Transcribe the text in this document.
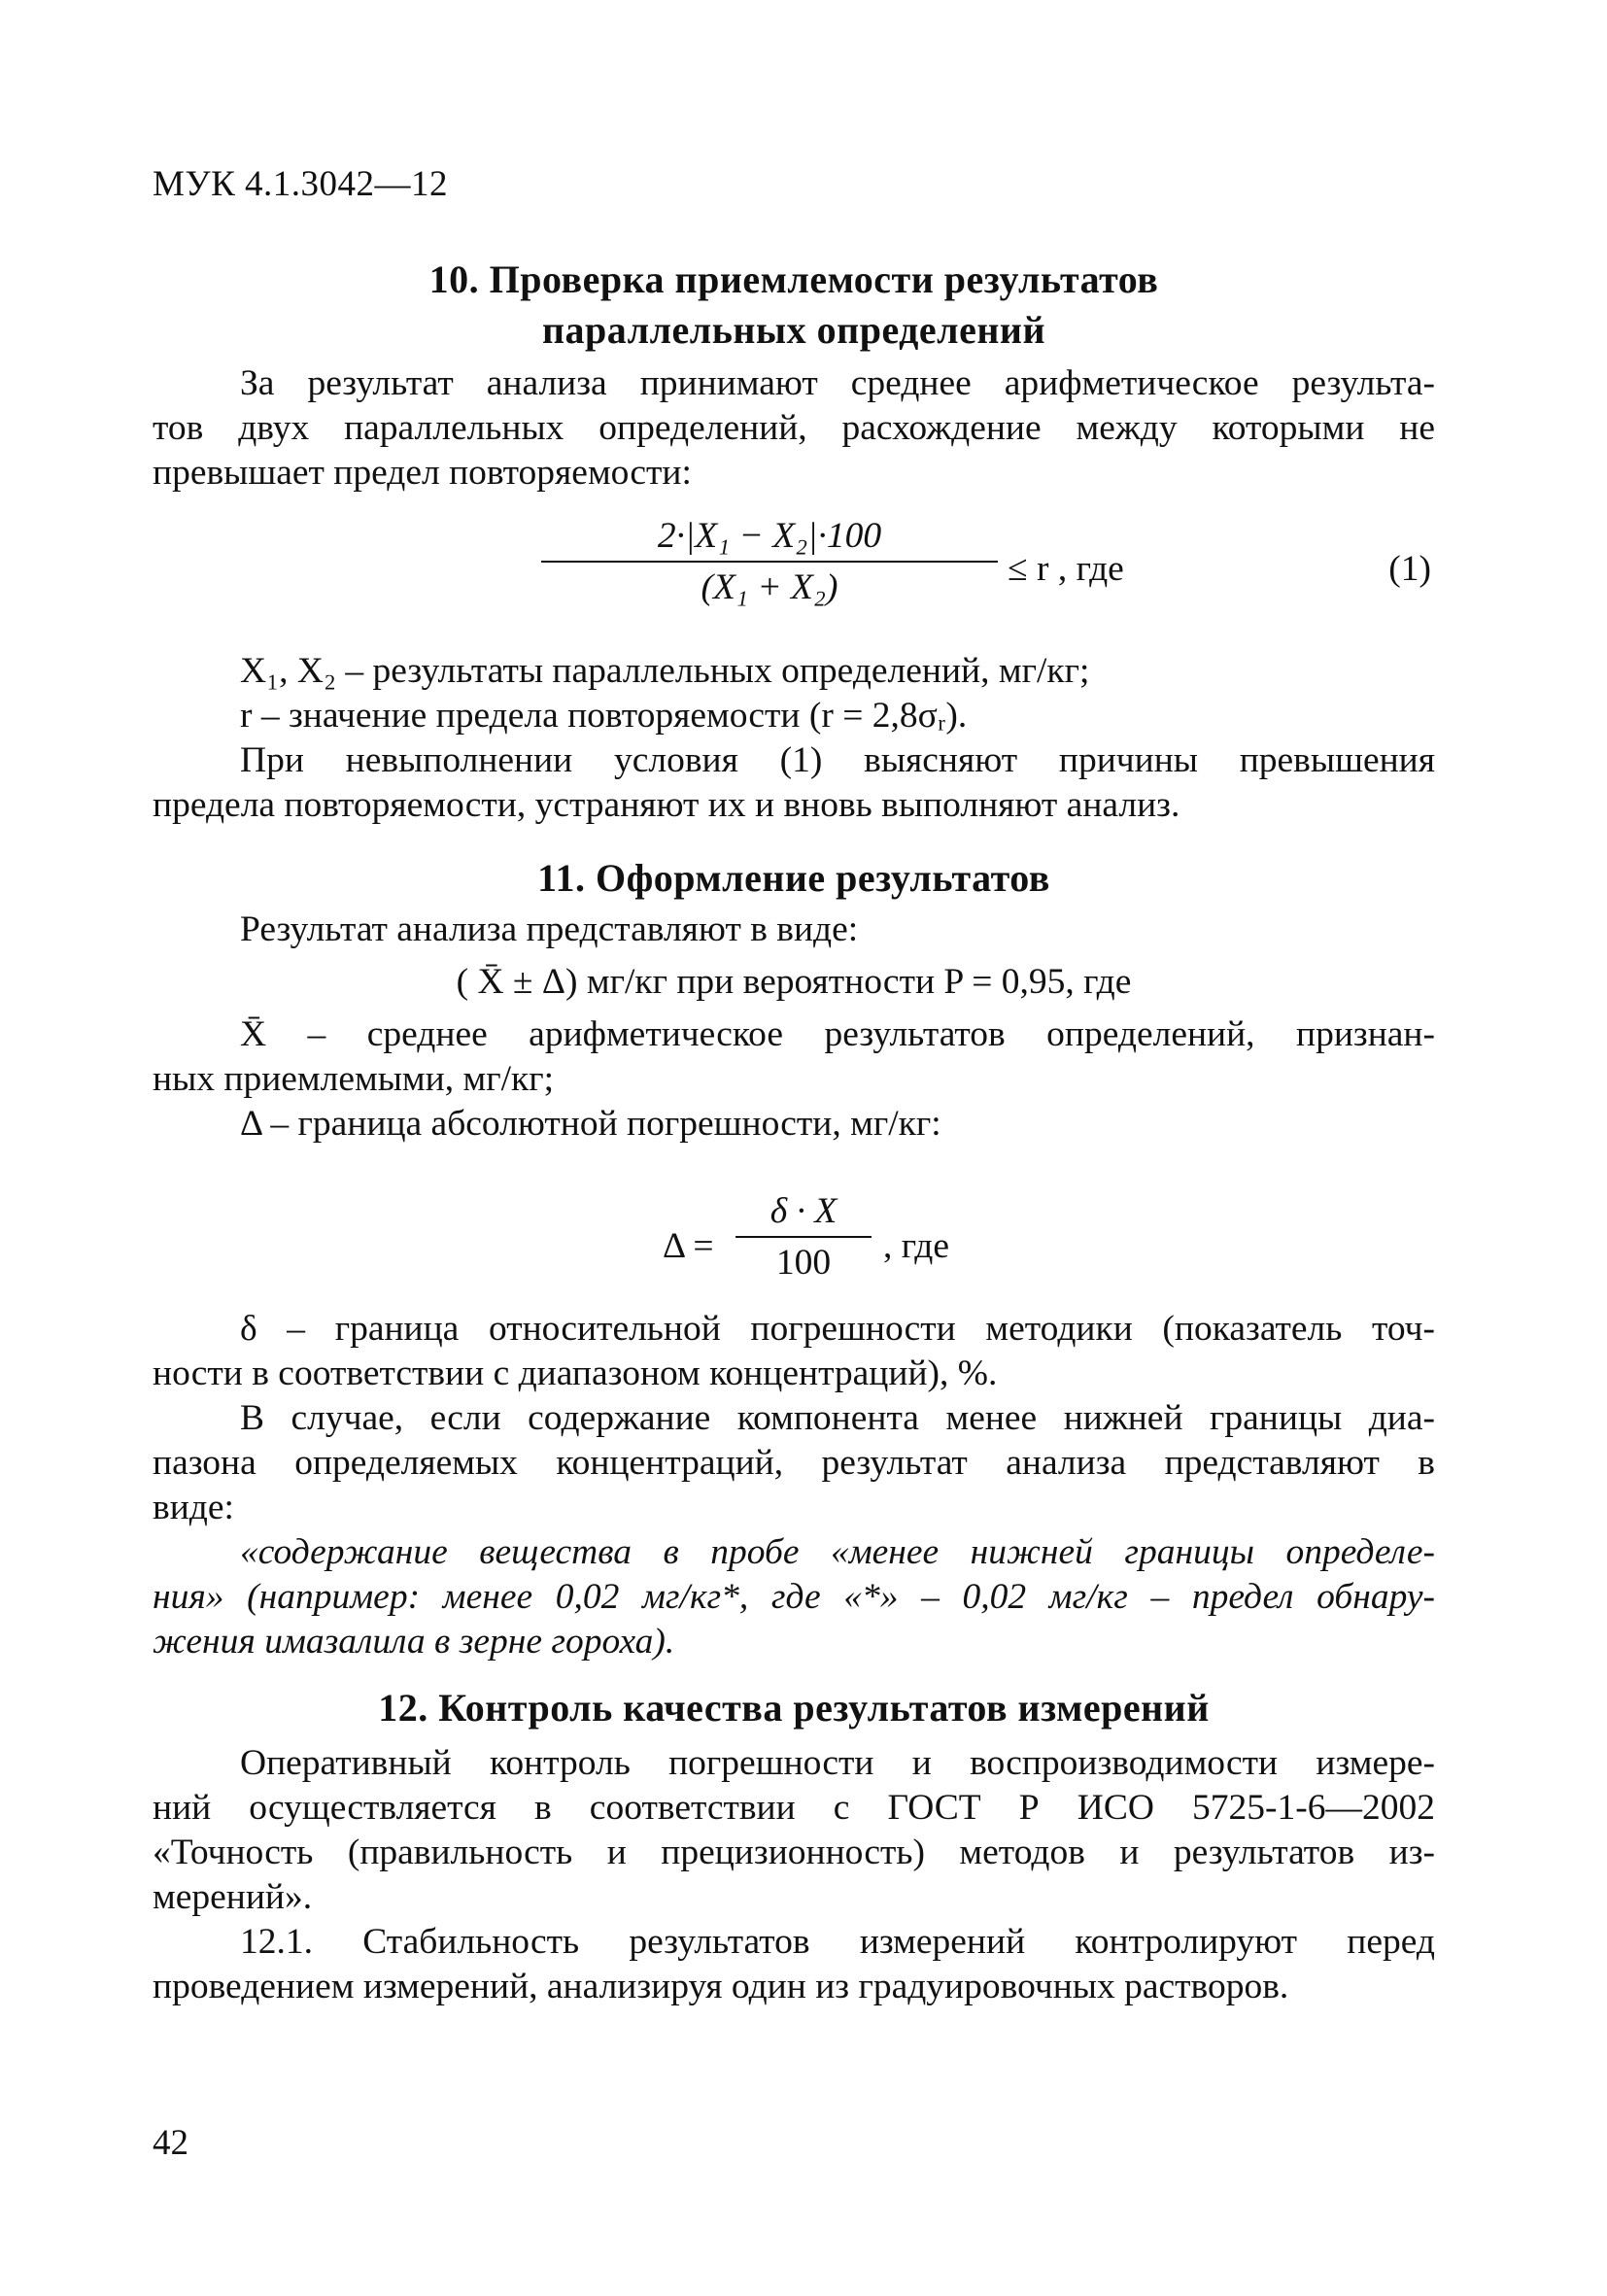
МУК 4.1.3042—12
10. Проверка приемлемости результатов
параллельных определений
За результат анализа принимают среднее арифметическое результа-
тов двух параллельных определений, расхождение между которыми не
превышает предел повторяемости:
2·|X₁ − X₂|·100
(X₁ + X₂)	≤ r , где	(1)
X₁, X₂ – результаты параллельных определений, мг/кг;
r – значение предела повторяемости (r = 2,8σᵣ).
При невыполнении условия (1) выясняют причины превышения
предела повторяемости, устраняют их и вновь выполняют анализ.
11. Оформление результатов
Результат анализа представляют в виде:
( X̄ ± Δ) мг/кг при вероятности P = 0,95, где
X̄ – среднее арифметическое результатов определений, признан-
ных приемлемыми, мг/кг;
Δ – граница абсолютной погрешности, мг/кг:
Δ =
δ · X
100	, где
δ – граница относительной погрешности методики (показатель точ-
ности в соответствии с диапазоном концентраций), %.
В случае, если содержание компонента менее нижней границы диа-
пазона определяемых концентраций, результат анализа представляют в
виде:
«содержание вещества в пробе «менее нижней границы определе-
ния» (например: менее 0,02 мг/кг*, где «*» – 0,02 мг/кг – предел обнару-
жения имазалила в зерне гороха).
12. Контроль качества результатов измерений
Оперативный контроль погрешности и воспроизводимости измере-
ний осуществляется в соответствии с ГОСТ Р ИСО 5725-1-6—2002
«Точность (правильность и прецизионность) методов и результатов из-
мерений».
12.1. Стабильность результатов измерений контролируют перед
проведением измерений, анализируя один из градуировочных растворов.
42
